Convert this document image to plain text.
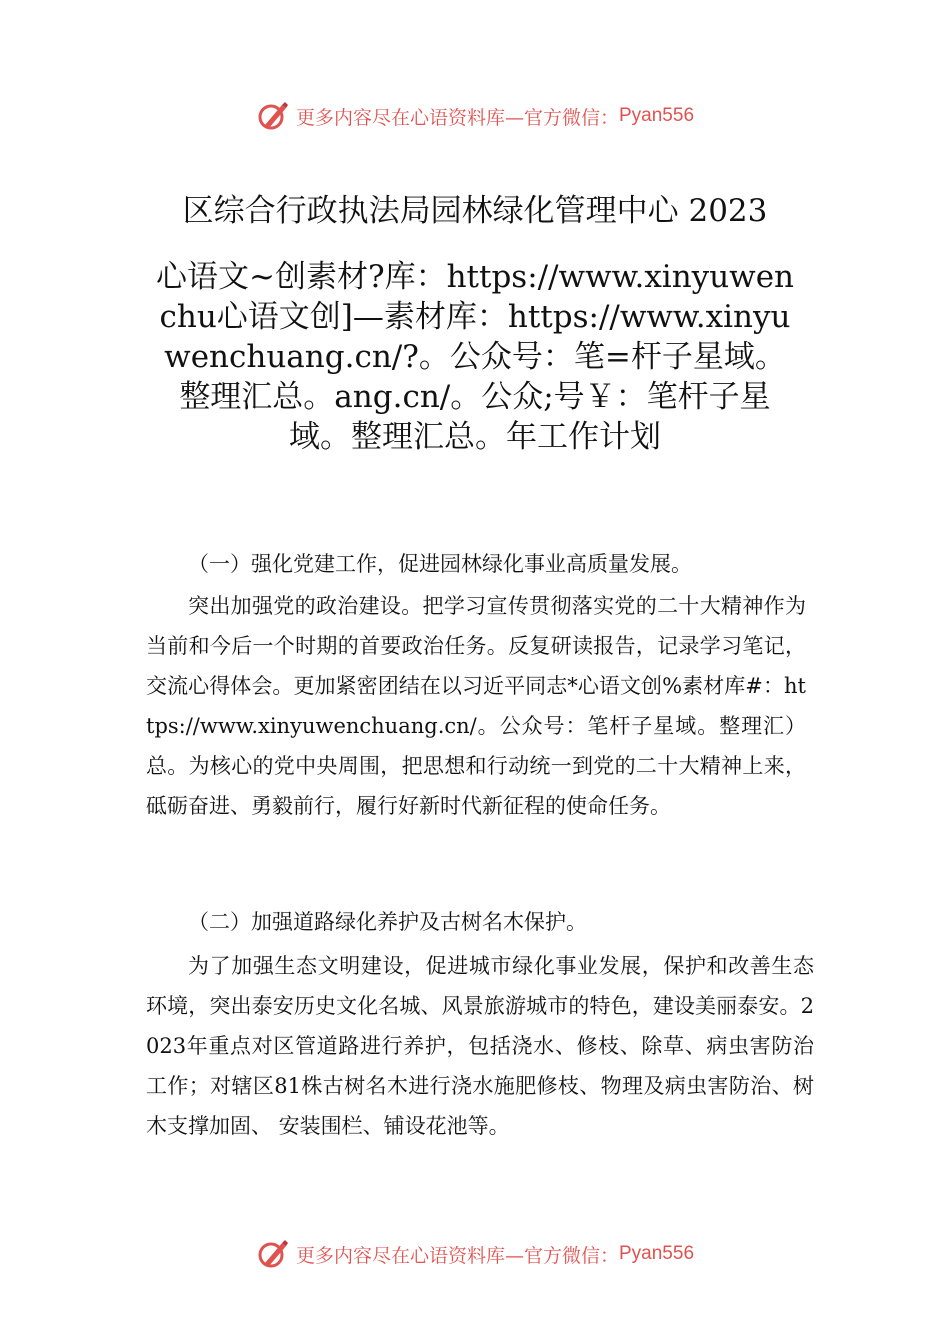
更多内容尽在心语资料库—官方微信： Pyan556
区综合行政执法局园林绿化管理中心 2023
心语文~创素材?库：https://www.xinyuwenchu心语文创]—素材库：https://www.xinyuwenchuang.cn/?。公众号：笔=杆子星域。整理汇总。ang.cn/。公众;号￥：笔杆子星域。整理汇总。年工作计划

（一）强化党建工作，促进园林绿化事业高质量发展。

突出加强党的政治建设。把学习宣传贯彻落实党的二十大精神作为当前和今后一个时期的首要政治任务。反复研读报告，记录学习笔记，交流心得体会。更加紧密团结在以习近平同志*心语文创%素材库#：https://www.xinyuwenchuang.cn/。公众号：笔杆子星域。整理汇）总。为核心的党中央周围，把思想和行动统一到党的二十大精神上来，砥砺奋进、勇毅前行，履行好新时代新征程的使命任务。

（二）加强道路绿化养护及古树名木保护。

为了加强生态文明建设，促进城市绿化事业发展，保护和改善生态环境，突出泰安历史文化名城、风景旅游城市的特色，建设美丽泰安。2023年重点对区管道路进行养护，包括浇水、修枝、除草、病虫害防治工作；对辖区81株古树名木进行浇水施肥修枝、物理及病虫害防治、树木支撑加固、 安装围栏、铺设花池等。

更多内容尽在心语资料库—官方微信： Pyan556
